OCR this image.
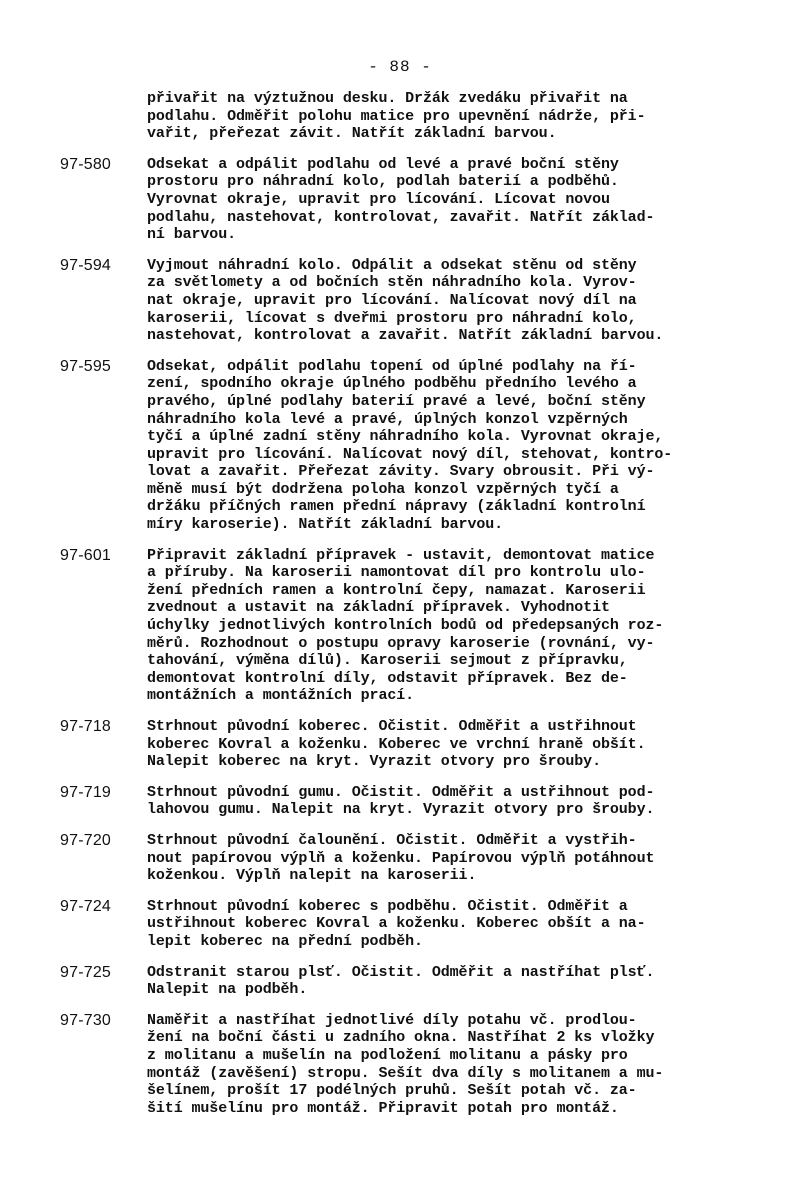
- 88 -
přivařit na výztužnou desku. Držák zvedáku přivařit na
podlahu. Odměřit polohu matice pro upevnění nádrže, při-
vařit, přeřezat závit. Natřít základní barvou.
97-580	Odsekat a odpálit podlahu od levé a pravé boční stěny
prostoru pro náhradní kolo, podlah baterií a podběhů.
Vyrovnat okraje, upravit pro lícování. Lícovat novou
podlahu, nastehovat, kontrolovat, zavařit. Natřít základ-
ní barvou.
97-594	Vyjmout náhradní kolo. Odpálit a odsekat stěnu od stěny
za světlomety a od bočních stěn náhradního kola. Vyrov-
nat okraje, upravit pro lícování. Nalícovat nový díl na
karoserii, lícovat s dveřmi prostoru pro náhradní kolo,
nastehovat, kontrolovat a zavařit. Natřít základní barvou.
97-595	Odsekat, odpálit podlahu topení od úplné podlahy na ří-
zení, spodního okraje úplného podběhu předního levého a
pravého, úplné podlahy baterií pravé a levé, boční stěny
náhradního kola levé a pravé, úplných konzol vzpěrných
tyčí a úplné zadní stěny náhradního kola. Vyrovnat okraje,
upravit pro lícování. Nalícovat nový díl, stehovat, kontro-
lovat a zavařit. Přeřezat závity. Svary obrousit. Při vý-
měně musí být dodržena poloha konzol vzpěrných tyčí a
držáku příčných ramen přední nápravy (základní kontrolní
míry karoserie). Natřít základní barvou.
97-601	Připravit základní přípravek - ustavit, demontovat matice
a příruby. Na karoserii namontovat díl pro kontrolu ulo-
žení předních ramen a kontrolní čepy, namazat. Karoserii
zvednout a ustavit na základní přípravek. Vyhodnotit
úchylky jednotlivých kontrolních bodů od předepsaných roz-
měrů. Rozhodnout o postupu opravy karoserie (rovnání, vy-
tahování, výměna dílů). Karoserii sejmout z přípravku,
demontovat kontrolní díly, odstavit přípravek. Bez de-
montážních a montážních prací.
97-718	Strhnout původní koberec. Očistit. Odměřit a ustřihnout
koberec Kovral a koženku. Koberec ve vrchní hraně obšít.
Nalepit koberec na kryt. Vyrazit otvory pro šrouby.
97-719	Strhnout původní gumu. Očistit. Odměřit a ustřihnout pod-
lahovou gumu. Nalepit na kryt. Vyrazit otvory pro šrouby.
97-720	Strhnout původní čalounění. Očistit. Odměřit a vystřih-
nout papírovou výplň a koženku. Papírovou výplň potáhnout
koženkou. Výplň nalepit na karoserii.
97-724	Strhnout původní koberec s podběhu. Očistit. Odměřit a
ustřihnout koberec Kovral a koženku. Koberec obšít a na-
lepit koberec na přední podběh.
97-725	Odstranit starou plsť. Očistit. Odměřit a nastříhat plsť.
Nalepit na podběh.
97-730	Naměřit a nastříhat jednotlivé díly potahu vč. prodlou-
žení na boční části u zadního okna. Nastříhat 2 ks vložky
z molitanu a mušelín na podložení molitanu a pásky pro
montáž (zavěšení) stropu. Sešít dva díly s molitanem a mu-
šelínem, prošít 17 podélných pruhů. Sešít potah vč. za-
šití mušelínu pro montáž. Připravit potah pro montáž.
